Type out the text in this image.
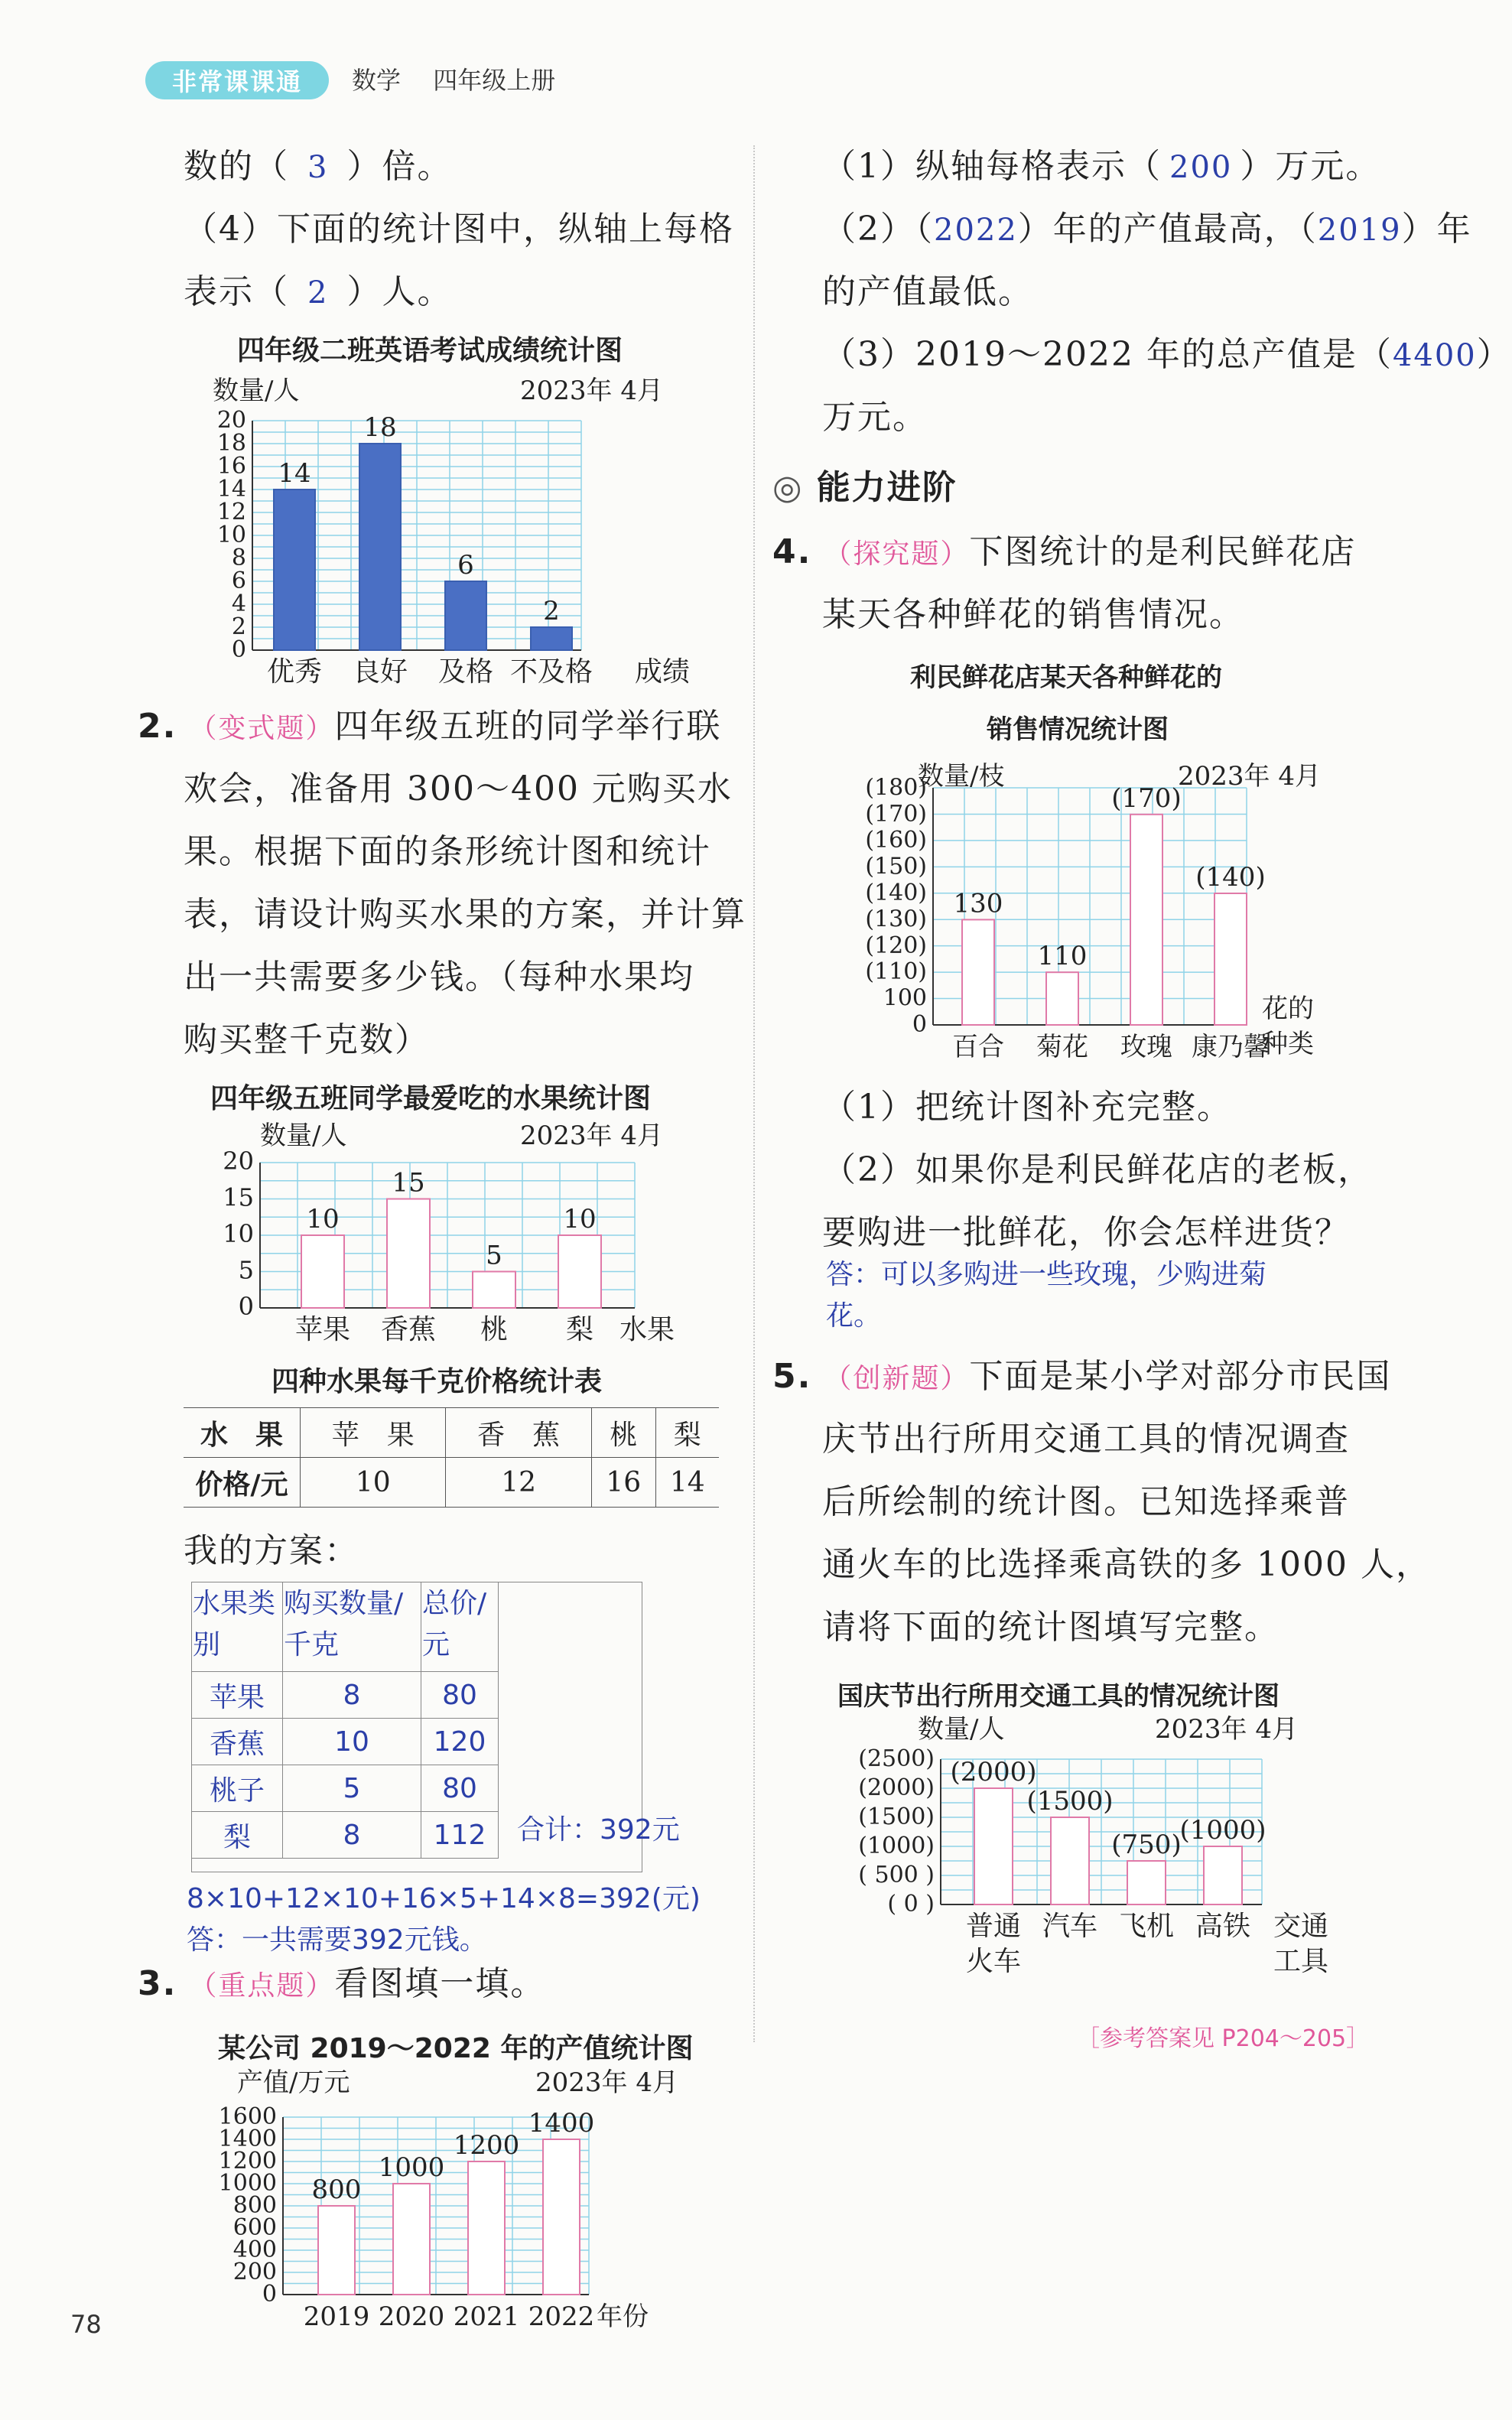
非常课课通	数学　 四年级上册
数的（ 3 ）倍。
（4）下面的统计图中，纵轴上每格
表示（ 2 ）人。
四年级二班英语考试成绩统计图
0
2
4
6
8
10
12
14
16
18
20
数量/人	2023年 4月
14
优秀
18
良好
6
及格
2
不及格 成绩
2. （变式题）四年级五班的同学举行联
欢会，准备用 300～400 元购买水
果。根据下面的条形统计图和统计
表，请设计购买水果的方案，并计算
出一共需要多少钱。（每种水果均
购买整千克数）
四年级五班同学最爱吃的水果统计图
0
5
10
15
20
数量/人	2023年 4月
10
苹果
15
香蕉
5
桃
10
梨 水果
四种水果每千克价格统计表
水　果	苹　果	香　蕉	桃	梨
价格/元	10	12	16	14
我的方案：
水果类别	购买数量/千克	总价/元
苹果	8	80
香蕉	10	120
桃子	5	80
梨	8	112 合计：392元
8×10+12×10+16×5+14×8=392(元)
答：一共需要392元钱。
3. （重点题）看图填一填。
某公司 2019～2022 年的产值统计图
0
200
400
600
800
1000
1200
1400
1600
产值/万元	2023年 4月
800
2019
1000
2020
1200
2021
1400
2022 年份
78
（1）纵轴每格表示（ 200 ）万元。
（2）（2022）年的产值最高，（2019）年
的产值最低。
（3）2019～2022 年的总产值是（4400）
万元。
◎ 能力进阶
4. （探究题）下图统计的是利民鲜花店
某天各种鲜花的销售情况。
利民鲜花店某天各种鲜花的
销售情况统计图
0
100
(110)
(120)
(130)
(140)
(150)
(160)
(170)
(180)
数量/枝	2023年 4月
130
百合
110
菊花
(170)
玫瑰
(140)
康乃馨
花的
种类
（1）把统计图补充完整。
（2）如果你是利民鲜花店的老板，
要购进一批鲜花，你会怎样进货？
答：可以多购进一些玫瑰，少购进菊
花。
5. （创新题）下面是某小学对部分市民国
庆节出行所用交通工具的情况调查
后所绘制的统计图。已知选择乘普
通火车的比选择乘高铁的多 1000 人，
请将下面的统计图填写完整。
国庆节出行所用交通工具的情况统计图
( 0 )
( 500 )
(1000)
(1500)
(2000)
(2500)
数量/人	2023年 4月
(2000)
普通
火车
(1500)
汽车
(750)
飞机
(1000)
高铁 交通
工具
［参考答案见 P204～205］
